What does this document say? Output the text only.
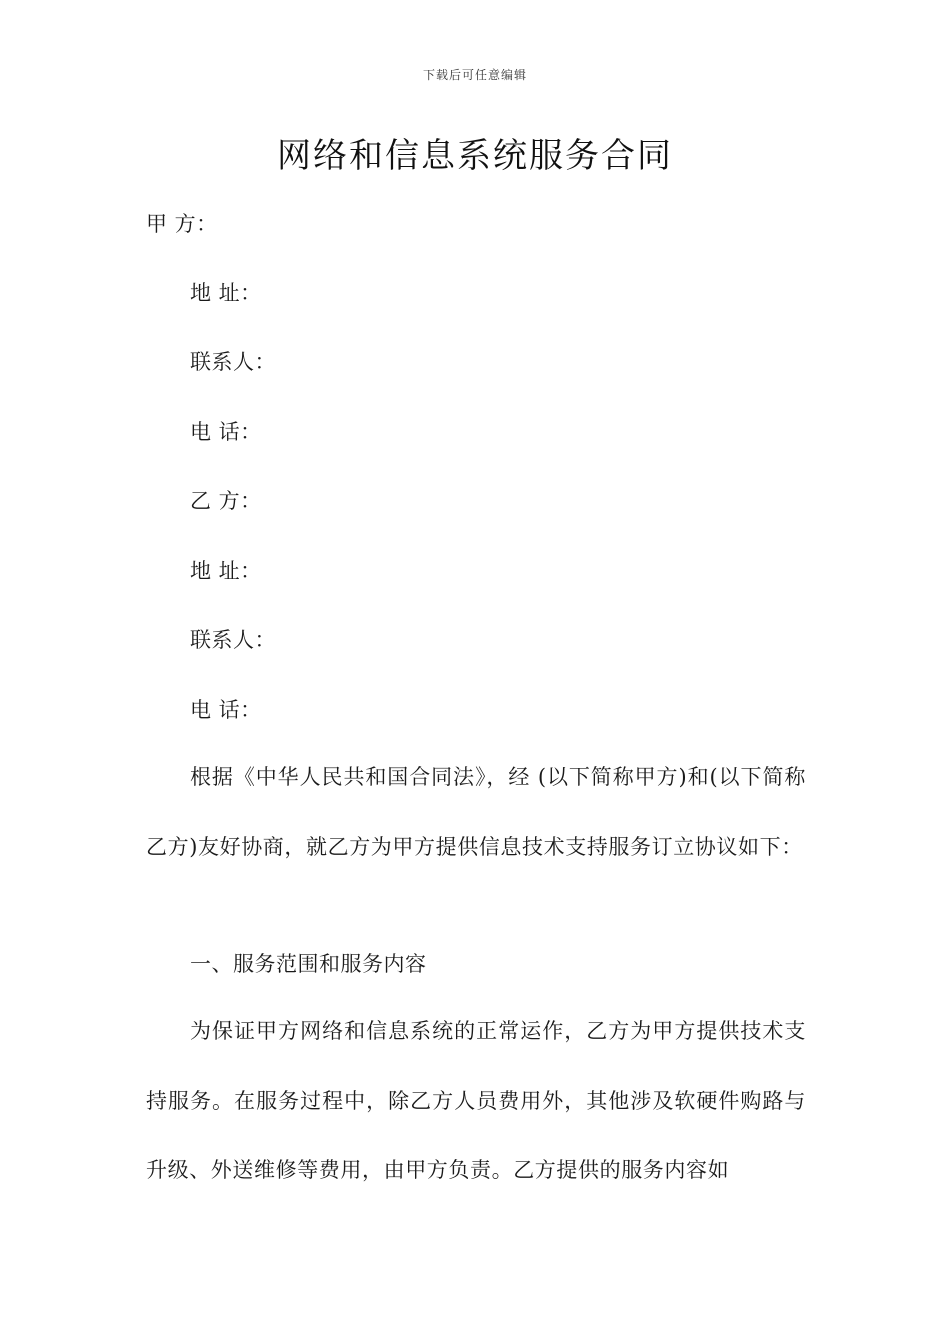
下载后可任意编辑
网络和信息系统服务合同
甲 方：
地 址：
联系人：
电 话：
乙 方：
地 址：
联系人：
电 话：

根据《中华人民共和国合同法》，经 (以下简称甲方)和(以下简称乙方)友好协商，就乙方为甲方提供信息技术支持服务订立协议如下：

一、服务范围和服务内容

为保证甲方网络和信息系统的正常运作，乙方为甲方提供技术支持服务。在服务过程中，除乙方人员费用外，其他涉及软硬件购路与升级、外送维修等费用，由甲方负责。乙方提供的服务内容如
